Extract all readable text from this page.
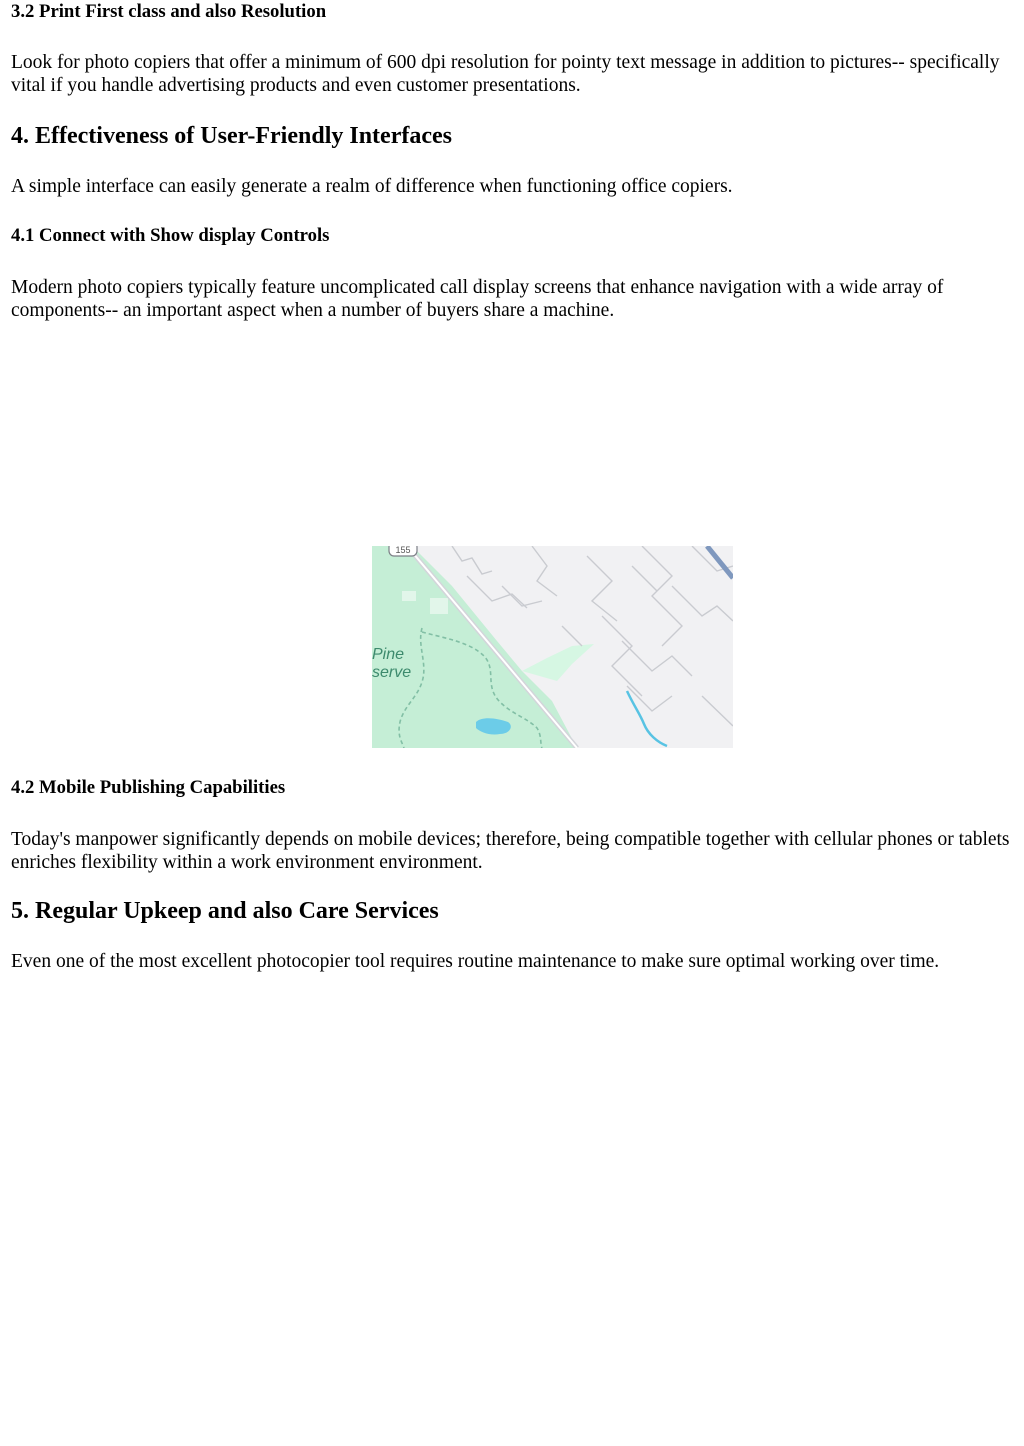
3.2 Print First class and also Resolution

Look for photo copiers that offer a minimum of 600 dpi resolution for pointy text message in addition to pictures-- specifically vital if you handle advertising products and even customer presentations.

4. Effectiveness of User-Friendly Interfaces

A simple interface can easily generate a realm of difference when functioning office copiers.

4.1 Connect with Show display Controls

Modern photo copiers typically feature uncomplicated call display screens that enhance navigation with a wide array of components-- an important aspect when a number of buyers share a machine.

155
Pine
serve
4.2 Mobile Publishing Capabilities

Today's manpower significantly depends on mobile devices; therefore, being compatible together with cellular phones or tablets enriches flexibility within a work environment environment.

5. Regular Upkeep and also Care Services

Even one of the most excellent photocopier tool requires routine maintenance to make sure optimal working over time.
